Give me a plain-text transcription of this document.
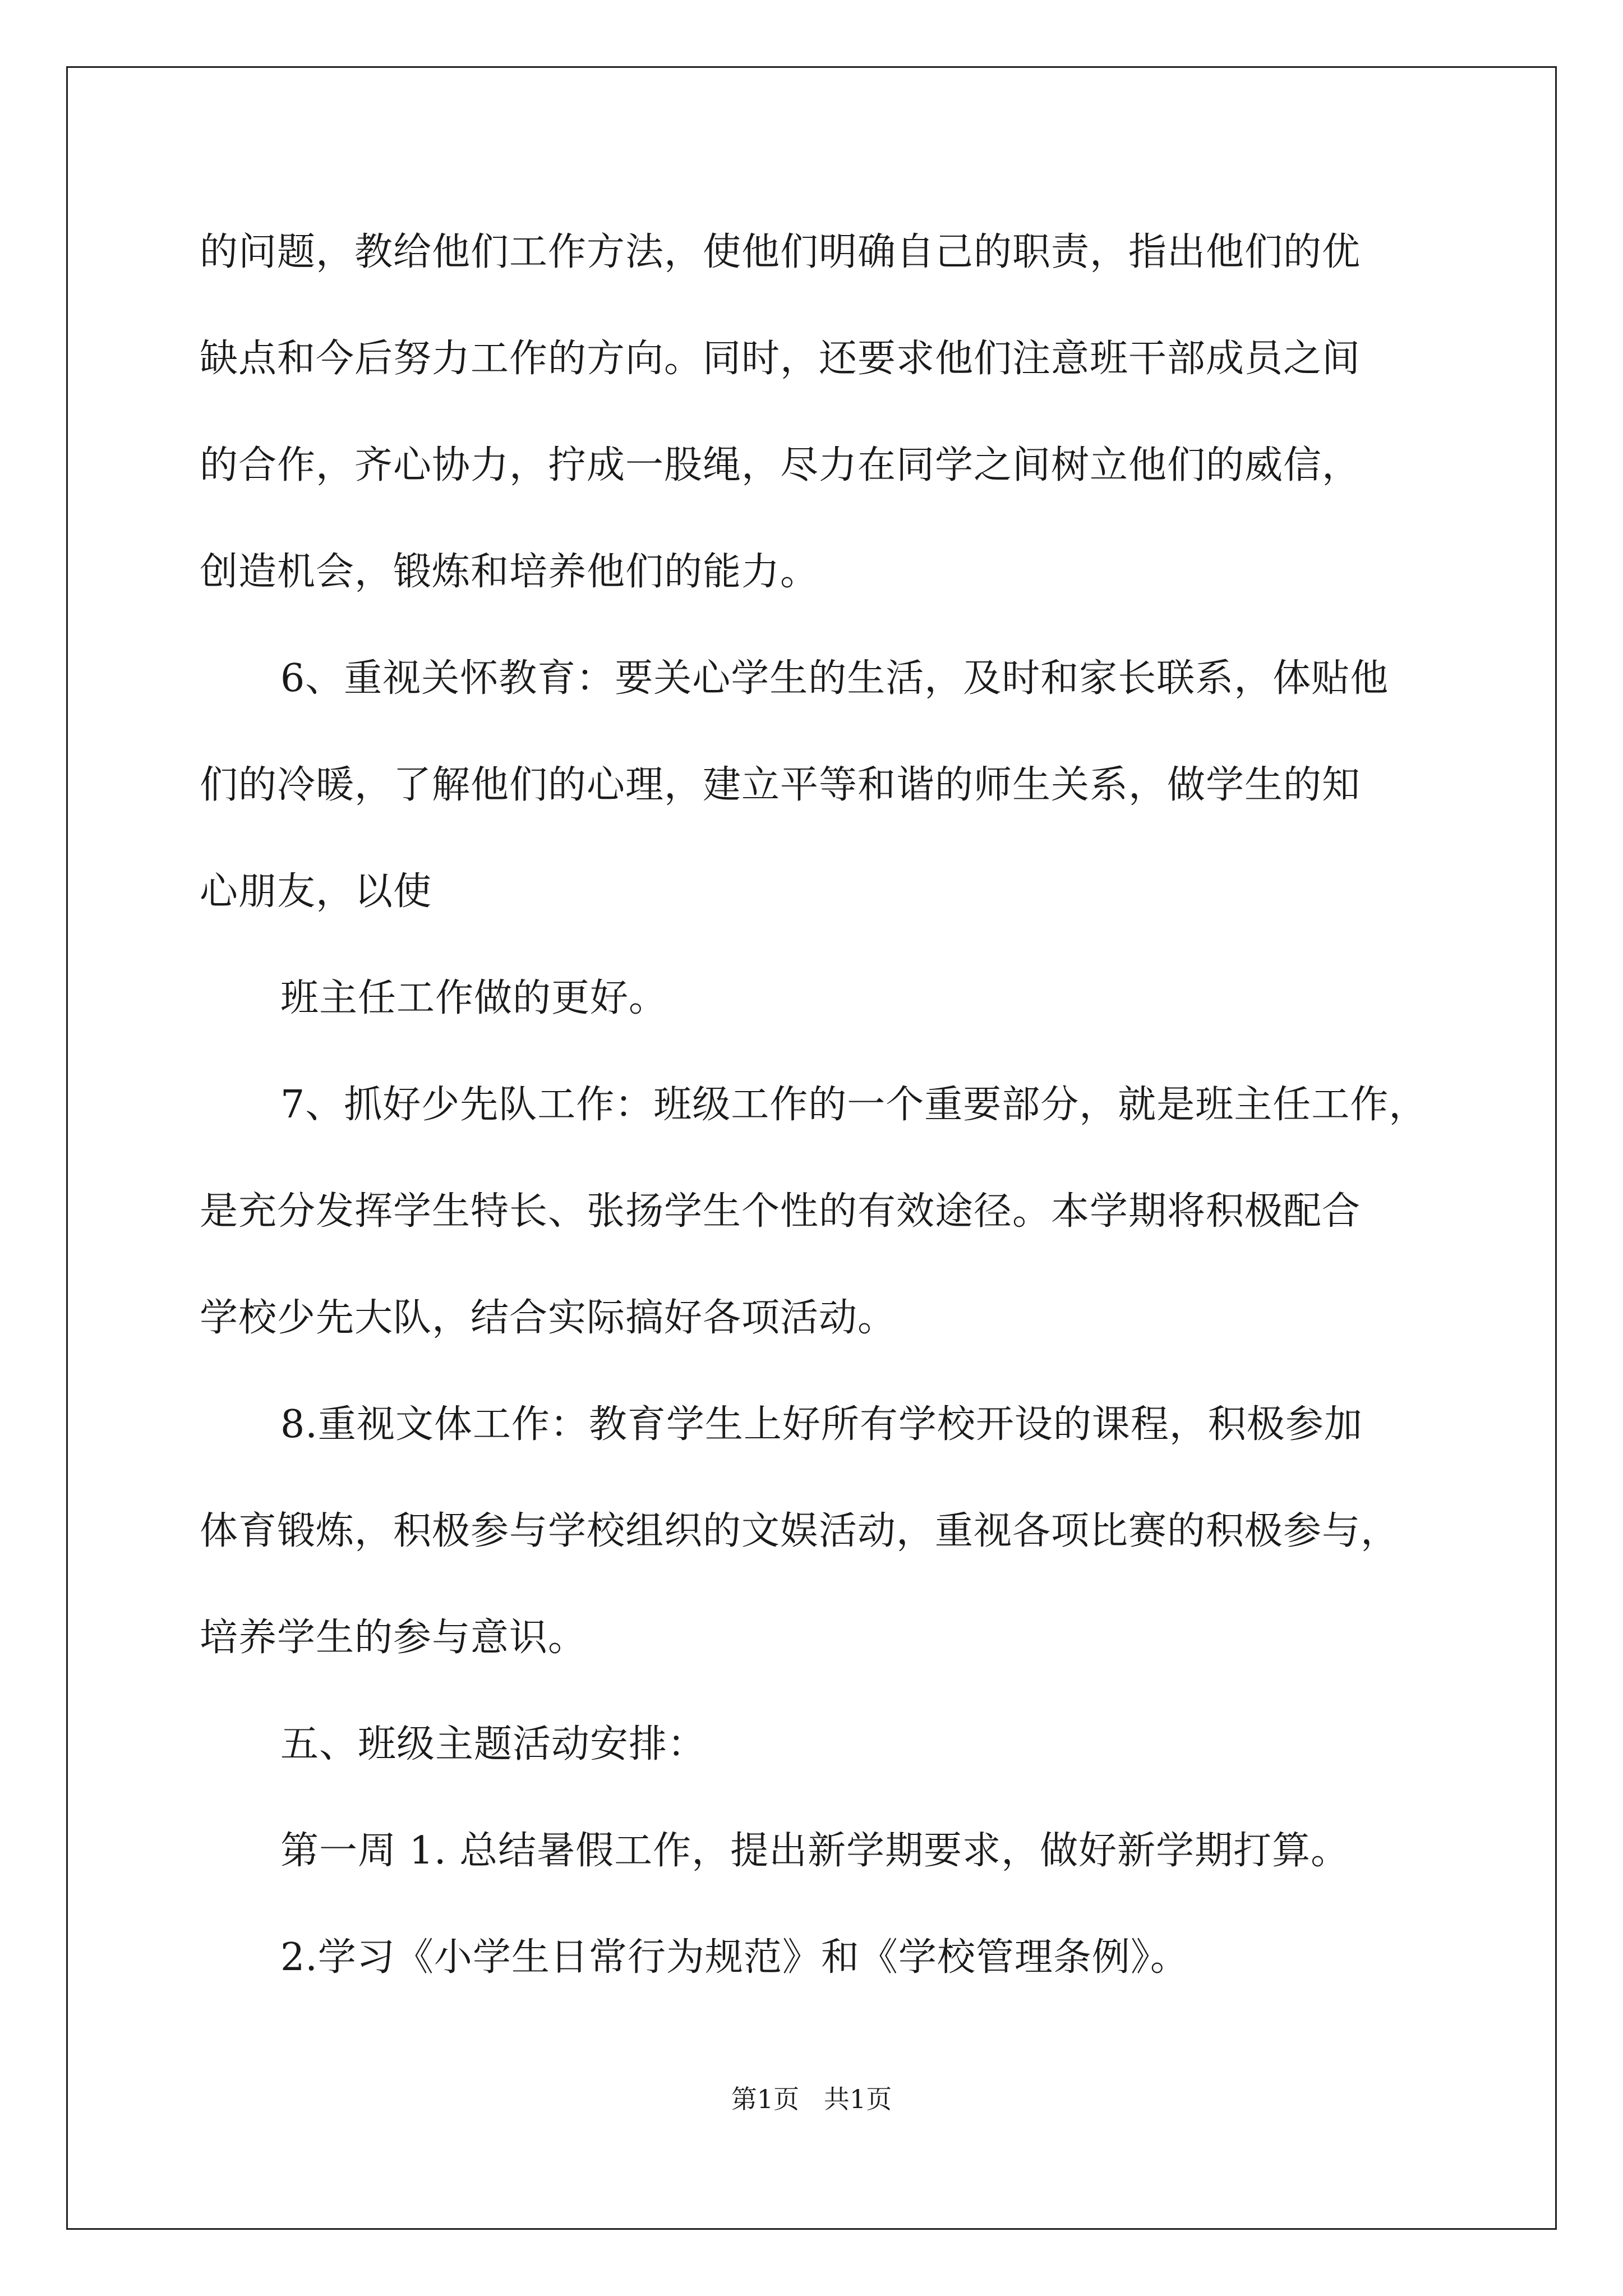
的问题，教给他们工作方法，使他们明确自己的职责，指出他们的优
缺点和今后努力工作的方向。同时，还要求他们注意班干部成员之间
的合作，齐心协力，拧成一股绳，尽力在同学之间树立他们的威信，
创造机会，锻炼和培养他们的能力。
6、重视关怀教育：要关心学生的生活，及时和家长联系，体贴他
们的冷暖，了解他们的心理，建立平等和谐的师生关系，做学生的知
心朋友，以使
班主任工作做的更好。
7、抓好少先队工作：班级工作的一个重要部分，就是班主任工作，
是充分发挥学生特长、张扬学生个性的有效途径。本学期将积极配合
学校少先大队，结合实际搞好各项活动。
8.重视文体工作：教育学生上好所有学校开设的课程，积极参加
体育锻炼，积极参与学校组织的文娱活动，重视各项比赛的积极参与，
培养学生的参与意识。
五、班级主题活动安排：
第一周 1. 总结暑假工作，提出新学期要求，做好新学期打算。
2.学习《小学生日常行为规范》和《学校管理条例》。
第1页   共1页
